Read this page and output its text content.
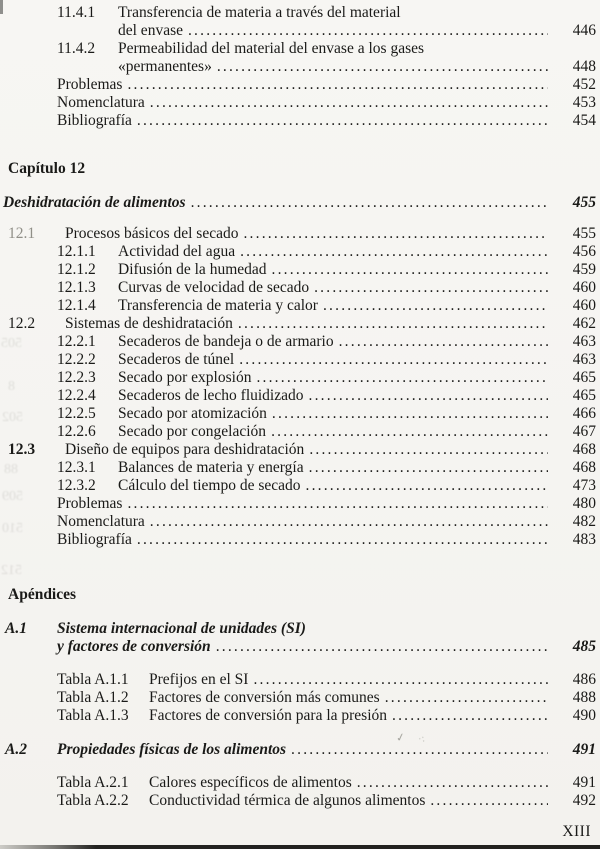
505
8
502
88
509
510
512
✓ ·:
11.4.1	Transferencia de materia a través del material
del envase .....	446
11.4.2	Permeabilidad del material del envase a los gases
«permanentes» .....	448
Problemas .....	452
Nomenclatura .....	453
Bibliografía .....	454
Capítulo 12
Deshidratación de alimentos .....	455
12.1	Procesos básicos del secado .....	455
12.1.1	Actividad del agua .....	456
12.1.2	Difusión de la humedad .....	459
12.1.3	Curvas de velocidad de secado .....	460
12.1.4	Transferencia de materia y calor .....	460
12.2	Sistemas de deshidratación .....	462
12.2.1	Secaderos de bandeja o de armario .....	463
12.2.2	Secaderos de túnel .....	463
12.2.3	Secado por explosión .....	465
12.2.4	Secaderos de lecho fluidizado .....	465
12.2.5	Secado por atomización .....	466
12.2.6	Secado por congelación .....	467
12.3	Diseño de equipos para deshidratación .....	468
12.3.1	Balances de materia y energía .....	468
12.3.2	Cálculo del tiempo de secado .....	473
Problemas .....	480
Nomenclatura .....	482
Bibliografía .....	483
Apéndices
A.1	Sistema internacional de unidades (SI)
y factores de conversión .....	485
Tabla A.1.1	Prefijos en el SI .....	486
Tabla A.1.2	Factores de conversión más comunes .....	488
Tabla A.1.3	Factores de conversión para la presión .....	490
A.2	Propiedades físicas de los alimentos .....	491
Tabla A.2.1	Calores específicos de alimentos .....	491
Tabla A.2.2	Conductividad térmica de algunos alimentos .....	492
XIII
